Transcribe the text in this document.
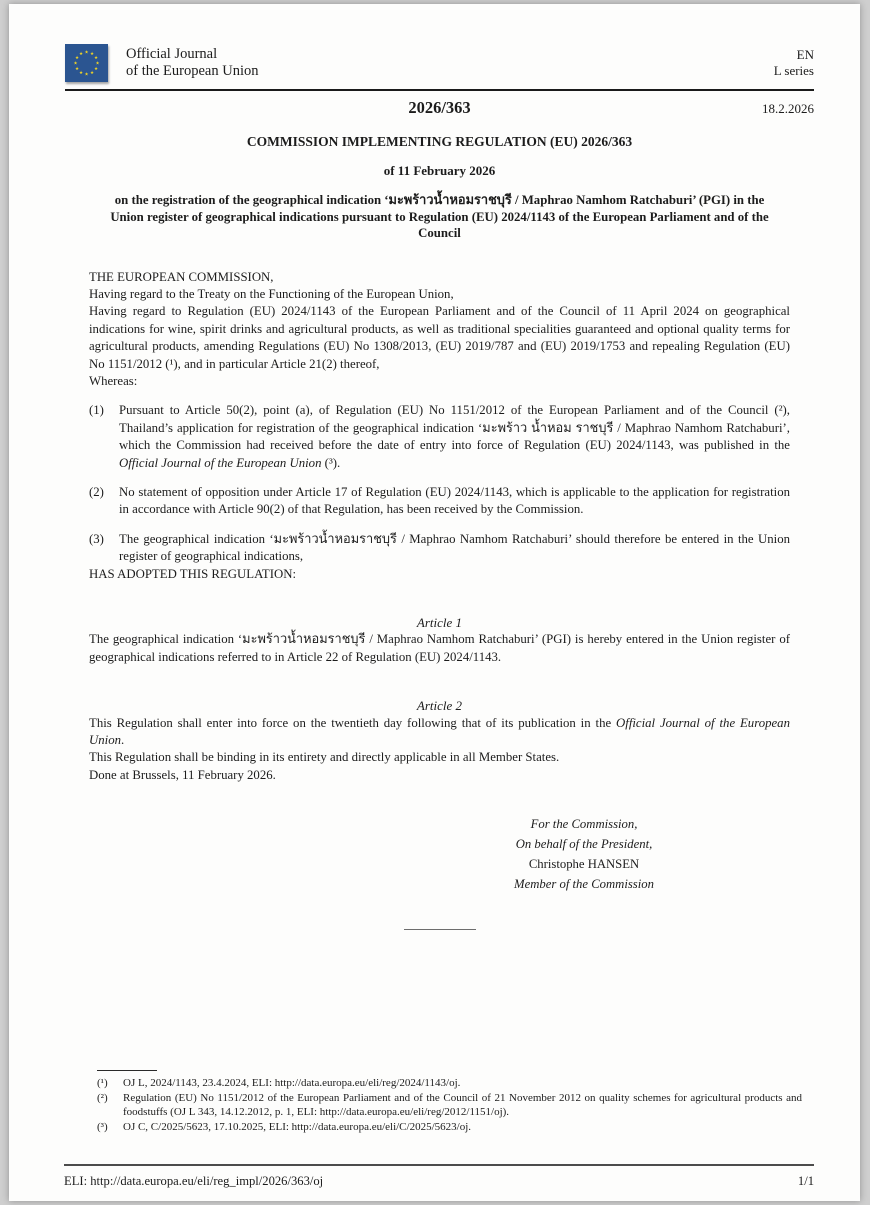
★ ★
★
★
★
★
★
★
★
★
★
★	Official Journal
of the European Union
EN
L series
2026/363	18.2.2026

COMMISSION IMPLEMENTING REGULATION (EU) 2026/363

of 11 February 2026

on the registration of the geographical indication ‘มะพร้าวน้ำหอมราชบุรี / Maphrao Namhom Ratchaburi’ (PGI) in the Union register of geographical indications pursuant to Regulation (EU) 2024/1143 of the European Parliament and of the Council

THE EUROPEAN COMMISSION,

Having regard to the Treaty on the Functioning of the European Union,

Having regard to Regulation (EU) 2024/1143 of the European Parliament and of the Council of 11 April 2024 on geographical indications for wine, spirit drinks and agricultural products, as well as traditional specialities guaranteed and optional quality terms for agricultural products, amending Regulations (EU) No 1308/2013, (EU) 2019/787 and (EU) 2019/1753 and repealing Regulation (EU) No 1151/2012 (¹), and in particular Article 21(2) thereof,

Whereas:

(1)	Pursuant to Article 50(2), point (a), of Regulation (EU) No 1151/2012 of the European Parliament and of the Council (²), Thailand’s application for registration of the geographical indication ‘มะพร้าว น้ำหอม ราชบุรี / Maphrao Namhom Ratchaburi’, which the Commission had received before the date of entry into force of Regulation (EU) 2024/1143, was published in the Official Journal of the European Union (³).
(2)	No statement of opposition under Article 17 of Regulation (EU) 2024/1143, which is applicable to the application for registration in accordance with Article 90(2) of that Regulation, has been received by the Commission.
(3)	The geographical indication ‘มะพร้าวน้ำหอมราชบุรี / Maphrao Namhom Ratchaburi’ should therefore be entered in the Union register of geographical indications,

HAS ADOPTED THIS REGULATION:

Article 1

The geographical indication ‘มะพร้าวน้ำหอมราชบุรี / Maphrao Namhom Ratchaburi’ (PGI) is hereby entered in the Union register of geographical indications referred to in Article 22 of Regulation (EU) 2024/1143.

Article 2

This Regulation shall enter into force on the twentieth day following that of its publication in the Official Journal of the European Union.

This Regulation shall be binding in its entirety and directly applicable in all Member States.

Done at Brussels, 11 February 2026.

For the Commission,
On behalf of the President,
Christophe HANSEN
Member of the Commission
(¹)	OJ L, 2024/1143, 23.4.2024, ELI: http://data.europa.eu/eli/reg/2024/1143/oj.
(²)	Regulation (EU) No 1151/2012 of the European Parliament and of the Council of 21 November 2012 on quality schemes for agricultural products and foodstuffs (OJ L 343, 14.12.2012, p. 1, ELI: http://data.europa.eu/eli/reg/2012/1151/oj).
(³)	OJ C, C/2025/5623, 17.10.2025, ELI: http://data.europa.eu/eli/C/2025/5623/oj.
ELI: http://data.europa.eu/eli/reg_impl/2026/363/oj	1/1
